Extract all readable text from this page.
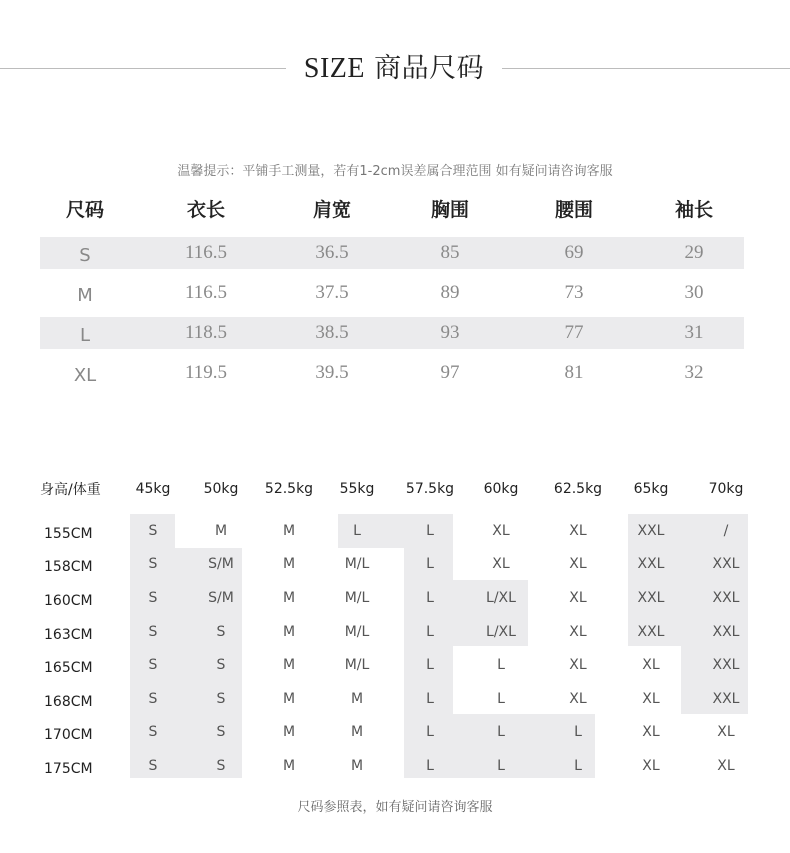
SIZE 商品尺码
温馨提示：平铺手工测量，若有1-2cm误差属合理范围 如有疑问请咨询客服
尺码	衣长	肩宽	胸围	腰围	袖长
S	116.5	36.5	85	69	29
M	116.5	37.5	89	73	30
L	118.5	38.5	93	77	31
XL	119.5	39.5	97	81	32
身高/体重	45kg	50kg	52.5kg	55kg	57.5kg	60kg	62.5kg	65kg	70kg
155CM	S	M	M	L	L	XL	XL	XXL	/
158CM	S	S/M	M	M/L	L	XL	XL	XXL	XXL
160CM	S	S/M	M	M/L	L	L/XL	XL	XXL	XXL
163CM	S	S	M	M/L	L	L/XL	XL	XXL	XXL
165CM	S	S	M	M/L	L	L	XL	XL	XXL
168CM	S	S	M	M	L	L	XL	XL	XXL
170CM	S	S	M	M	L	L	L	XL	XL
175CM	S	S	M	M	L	L	L	XL	XL
尺码参照表，如有疑问请咨询客服
